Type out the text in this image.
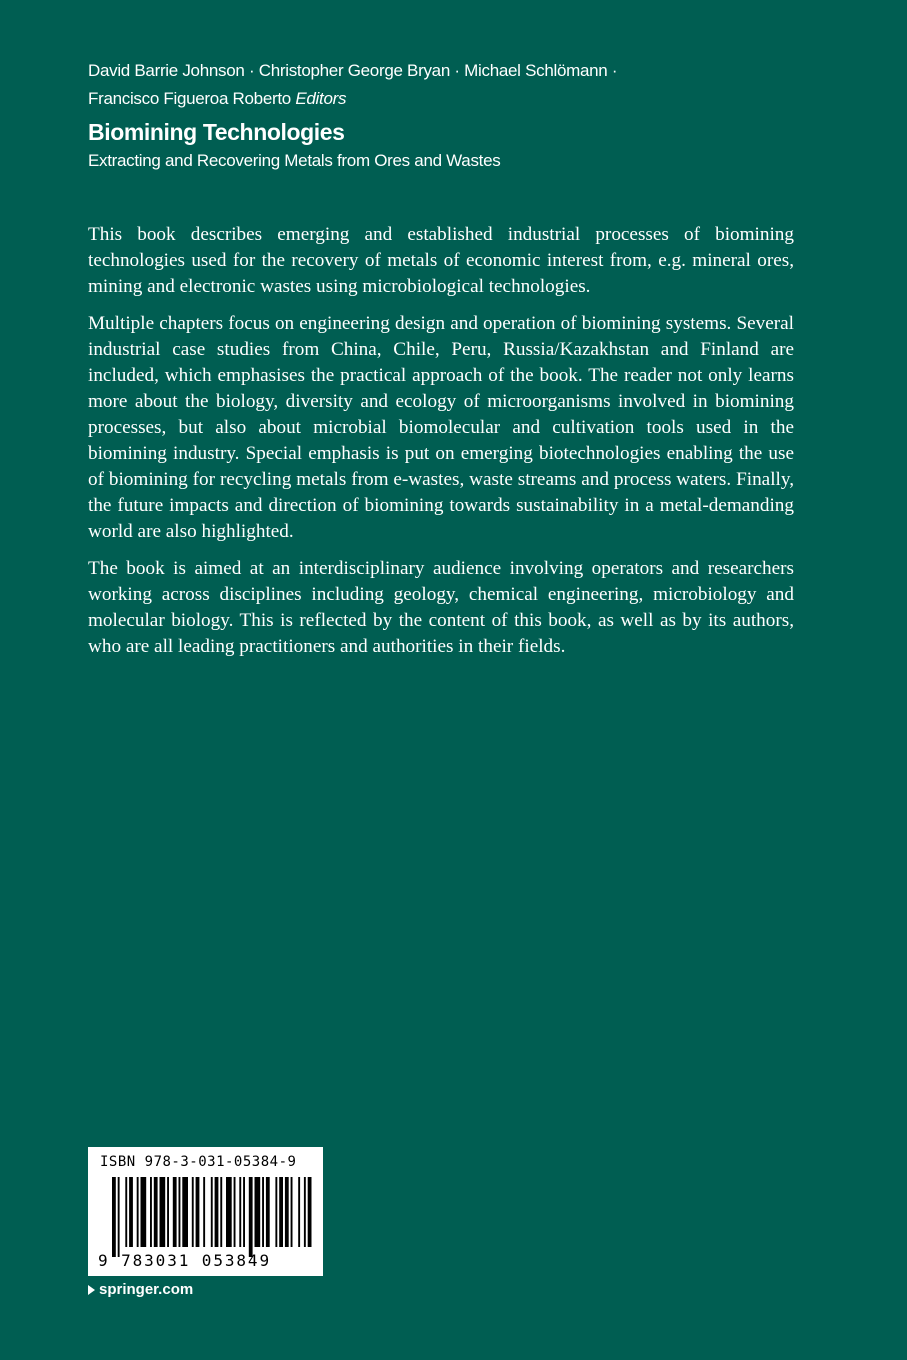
David Barrie Johnson · Christopher George Bryan · Michael Schlömann ·
Francisco Figueroa Roberto Editors
Biomining Technologies
Extracting and Recovering Metals from Ores and Wastes

This book describes emerging and established industrial processes of biomining technologies used for the recovery of metals of economic interest from, e.g. mineral ores, mining and electronic wastes using microbiological technologies.

Multiple chapters focus on engineering design and operation of biomining systems. Several industrial case studies from China, Chile, Peru, Russia/Kazakhstan and Finland are included, which emphasises the practical approach of the book. The reader not only learns more about the biology, diversity and ecology of microorganisms involved in biomining processes, but also about microbial biomolecular and cultivation tools used in the biomining industry. Special emphasis is put on emerging biotechnologies enabling the use of biomining for recycling metals from e-wastes, waste streams and process waters. Finally, the future impacts and direction of biomining towards sustainability in a metal-demanding world are also highlighted.

The book is aimed at an interdisciplinary audience involving operators and researchers working across disciplines including geology, chemical engineering, microbiology and molecular biology. This is reflected by the content of this book, as well as by its authors, who are all leading practitioners and authorities in their fields.

ISBN 978-3-031-05384-9
9 783031 053849
springer.com
